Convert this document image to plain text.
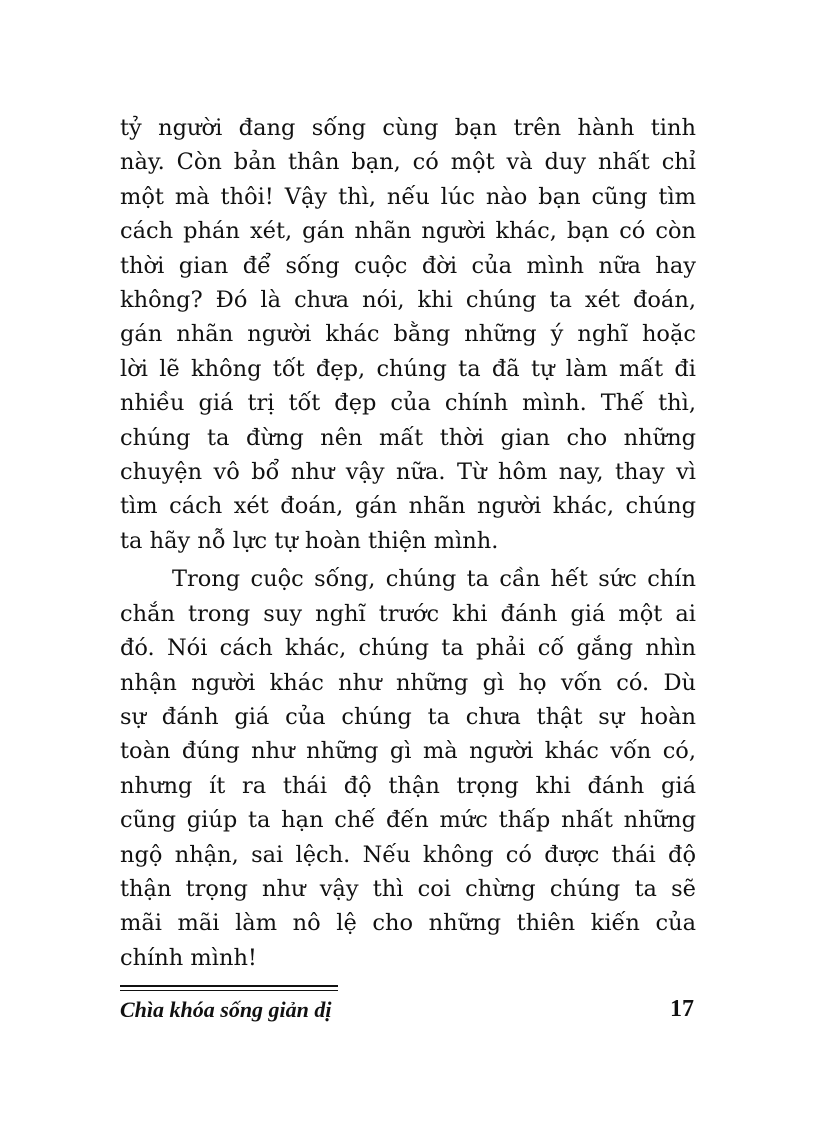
tỷ người đang sống cùng bạn trên hành tinh
này. Còn bản thân bạn, có một và duy nhất chỉ
một mà thôi! Vậy thì, nếu lúc nào bạn cũng tìm
cách phán xét, gán nhãn người khác, bạn có còn
thời gian để sống cuộc đời của mình nữa hay
không? Đó là chưa nói, khi chúng ta xét đoán,
gán nhãn người khác bằng những ý nghĩ hoặc
lời lẽ không tốt đẹp, chúng ta đã tự làm mất đi
nhiều giá trị tốt đẹp của chính mình. Thế thì,
chúng ta đừng nên mất thời gian cho những
chuyện vô bổ như vậy nữa. Từ hôm nay, thay vì
tìm cách xét đoán, gán nhãn người khác, chúng
ta hãy nỗ lực tự hoàn thiện mình.
Trong cuộc sống, chúng ta cần hết sức chín
chắn trong suy nghĩ trước khi đánh giá một ai
đó. Nói cách khác, chúng ta phải cố gắng nhìn
nhận người khác như những gì họ vốn có. Dù
sự đánh giá của chúng ta chưa thật sự hoàn
toàn đúng như những gì mà người khác vốn có,
nhưng ít ra thái độ thận trọng khi đánh giá
cũng giúp ta hạn chế đến mức thấp nhất những
ngộ nhận, sai lệch. Nếu không có được thái độ
thận trọng như vậy thì coi chừng chúng ta sẽ
mãi mãi làm nô lệ cho những thiên kiến của
chính mình!
Chìa khóa sống giản dị	17
